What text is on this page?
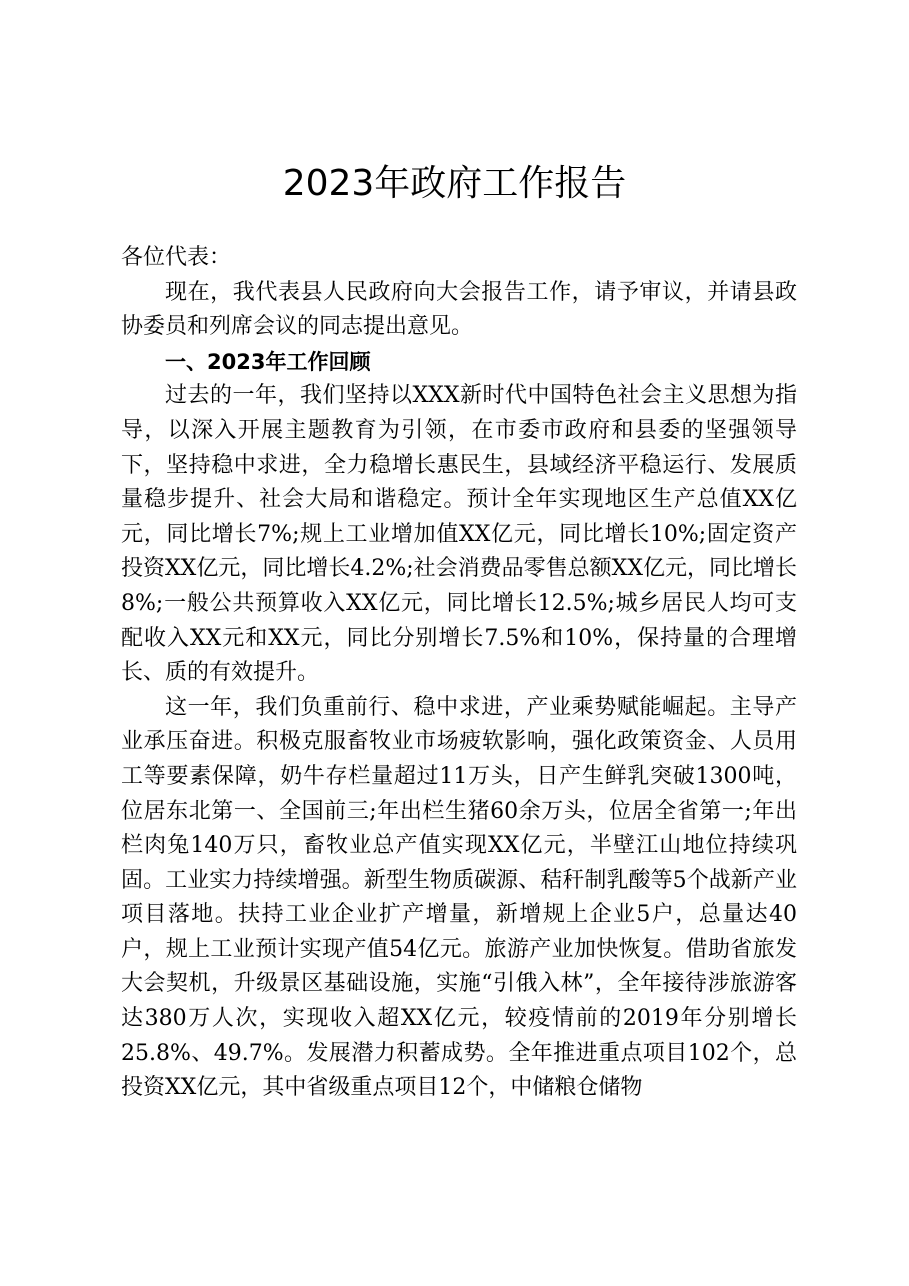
2023年政府工作报告

各位代表：

现在，我代表县人民政府向大会报告工作，请予审议，并请县政协委员和列席会议的同志提出意见。

一、2023年工作回顾

过去的一年，我们坚持以XXX新时代中国特色社会主义思想为指导，以深入开展主题教育为引领，在市委市政府和县委的坚强领导下，坚持稳中求进，全力稳增长惠民生，县域经济平稳运行、发展质量稳步提升、社会大局和谐稳定。预计全年实现地区生产总值XX亿元，同比增长7%;规上工业增加值XX亿元，同比增长10%;固定资产投资XX亿元，同比增长4.2%;社会消费品零售总额XX亿元，同比增长8%;一般公共预算收入XX亿元，同比增长12.5%;城乡居民人均可支配收入XX元和XX元，同比分别增长7.5%和10%，保持量的合理增长、质的有效提升。

这一年，我们负重前行、稳中求进，产业乘势赋能崛起。主导产业承压奋进。积极克服畜牧业市场疲软影响，强化政策资金、人员用工等要素保障，奶牛存栏量超过11万头，日产生鲜乳突破1300吨，位居东北第一、全国前三;年出栏生猪60余万头，位居全省第一;年出栏肉兔140万只，畜牧业总产值实现XX亿元，半壁江山地位持续巩固。工业实力持续增强。新型生物质碳源、秸秆制乳酸等5个战新产业项目落地。扶持工业企业扩产增量，新增规上企业5户，总量达40户，规上工业预计实现产值54亿元。旅游产业加快恢复。借助省旅发大会契机，升级景区基础设施，实施“引俄入林”，全年接待涉旅游客达380万人次，实现收入超XX亿元，较疫情前的2019年分别增长25.8%、49.7%。发展潜力积蓄成势。全年推进重点项目102个，总投资XX亿元，其中省级重点项目12个，中储粮仓储物
